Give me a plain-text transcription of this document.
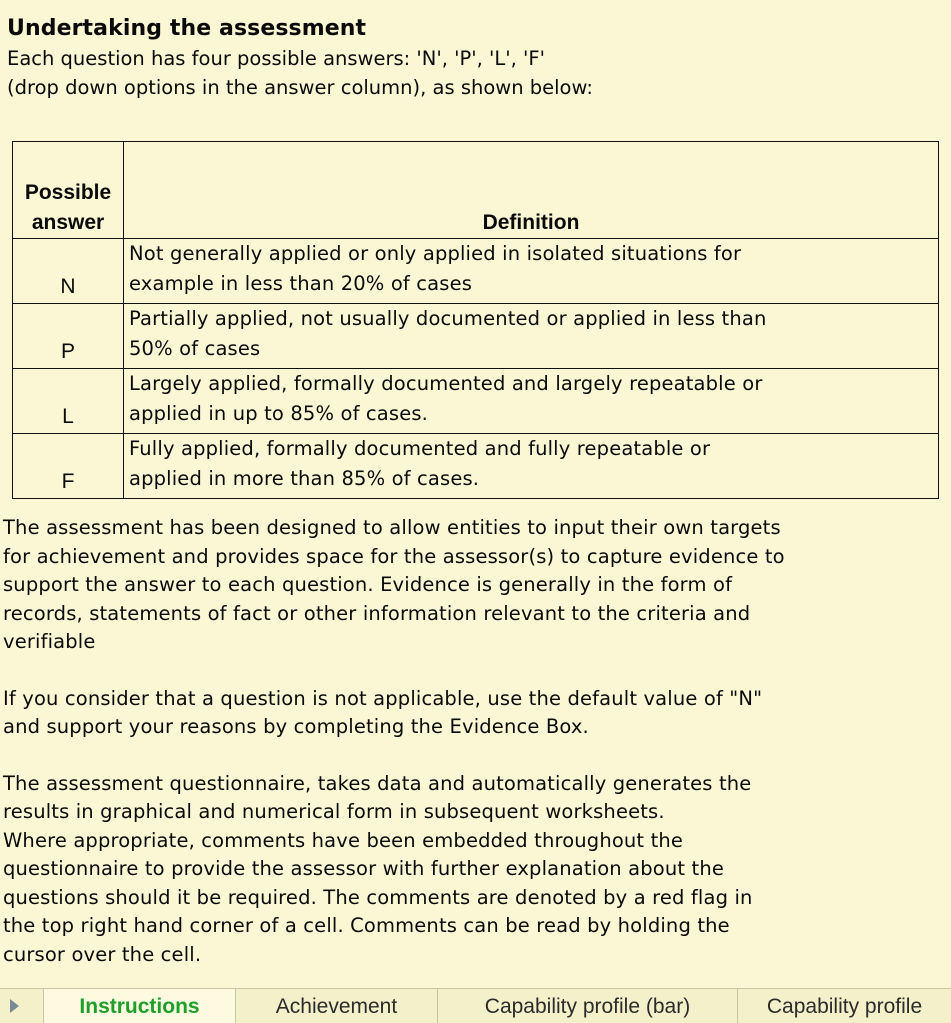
Undertaking the assessment

Each question has four possible answers: 'N', 'P', 'L', 'F'
(drop down options in the answer column), as shown below:

Possible
answer	Definition
N	Not generally applied or only applied in isolated situations for
example in less than 20% of cases
P	Partially applied, not usually documented or applied in less than
50% of cases
L	Largely applied, formally documented and largely repeatable or
applied in up to 85% of cases.
F	Fully applied, formally documented and fully repeatable or
applied in more than 85% of cases.

The assessment has been designed to allow entities to input their own targets
for achievement and provides space for the assessor(s) to capture evidence to
support the answer to each question. Evidence is generally in the form of
records, statements of fact or other information relevant to the criteria and
verifiable

If you consider that a question is not applicable, use the default value of "N"
and support your reasons by completing the Evidence Box.

The assessment questionnaire, takes data and automatically generates the
results in graphical and numerical form in subsequent worksheets.
Where appropriate, comments have been embedded throughout the
questionnaire to provide the assessor with further explanation about the
questions should it be required. The comments are denoted by a red flag in
the top right hand corner of a cell. Comments can be read by holding the
cursor over the cell.

Instructions	Achievement	Capability profile (bar)	Capability profile
